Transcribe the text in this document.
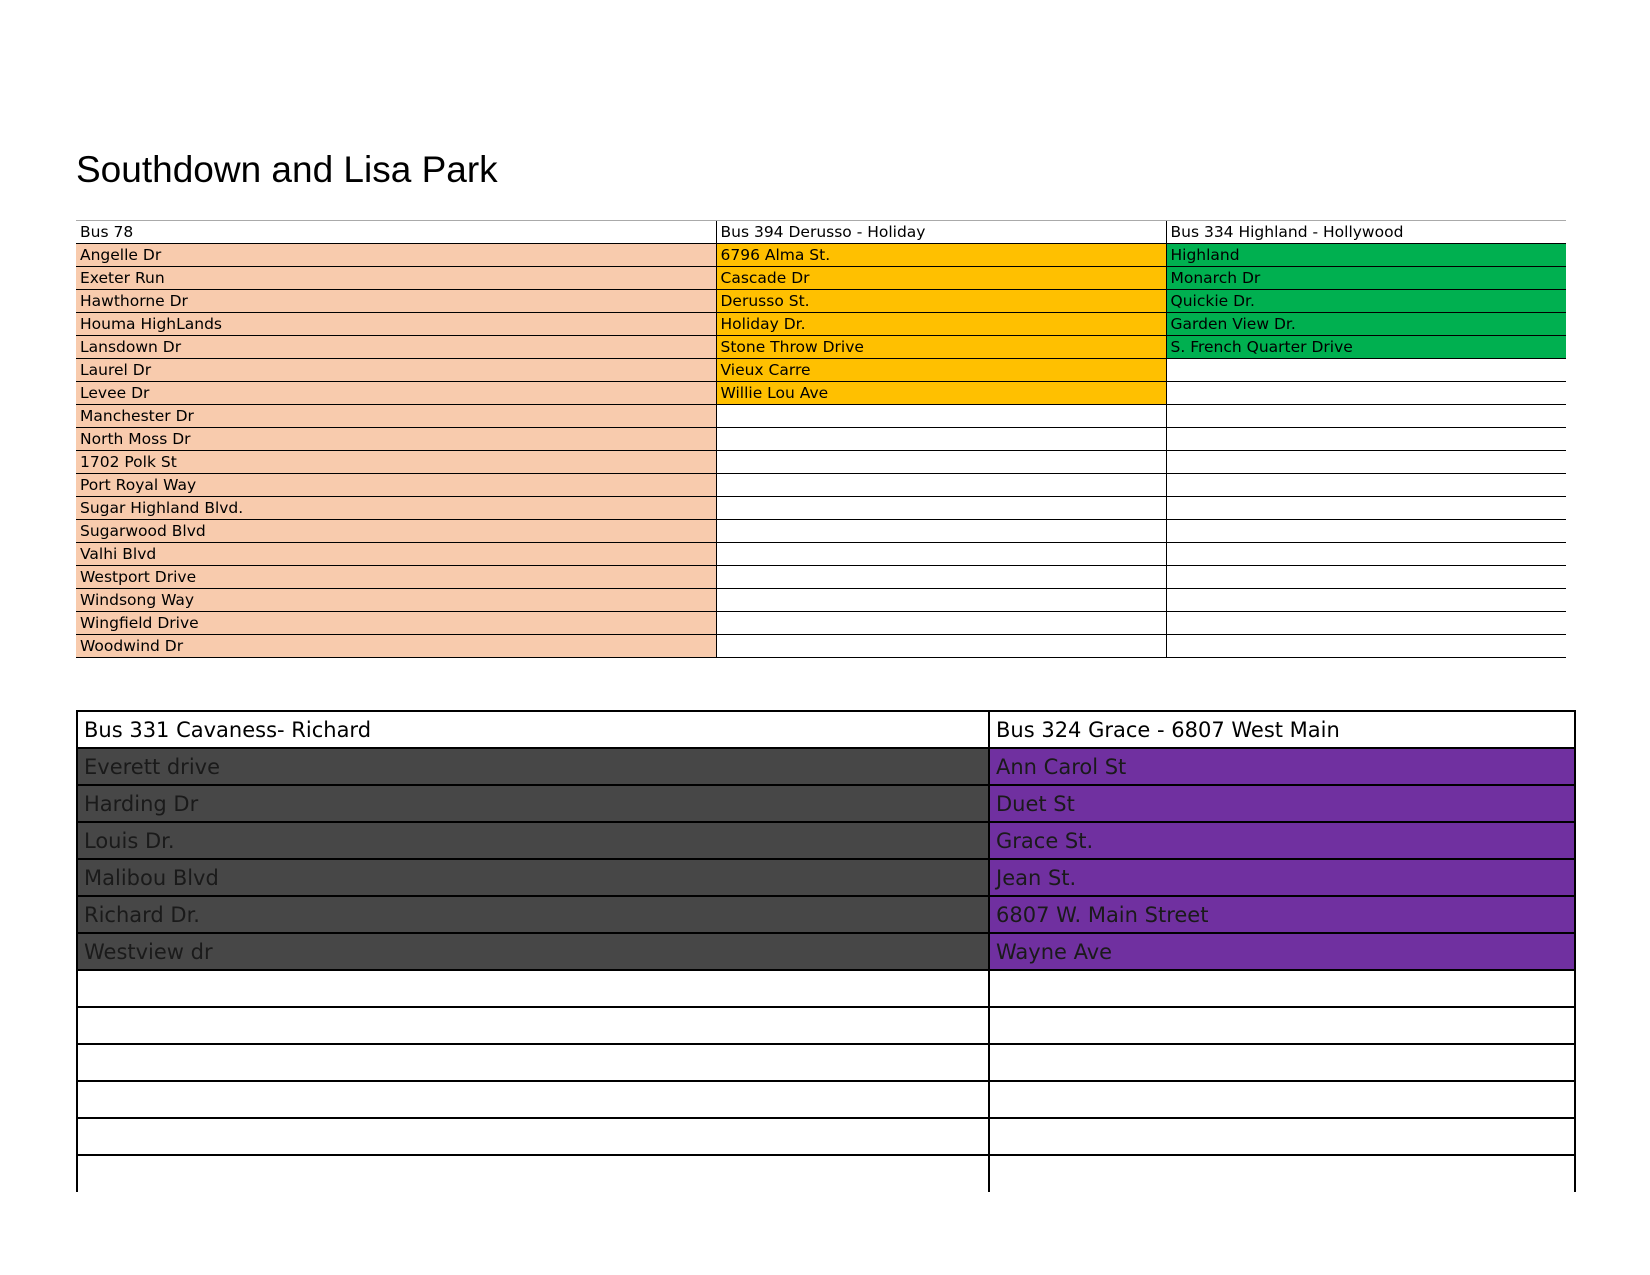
Southdown and Lisa Park
Bus 78	Bus 394 Derusso - Holiday	Bus 334 Highland - Hollywood
Angelle Dr	6796 Alma St.	Highland
Exeter Run	Cascade Dr	Monarch Dr
Hawthorne Dr	Derusso St.	Quickie Dr.
Houma HighLands	Holiday Dr.	Garden View Dr.
Lansdown Dr	Stone Throw Drive	S. French Quarter Drive
Laurel Dr	Vieux Carre	
Levee Dr	Willie Lou Ave	
Manchester Dr		
North Moss Dr		
1702 Polk St		
Port Royal Way		
Sugar Highland Blvd.		
Sugarwood Blvd		
Valhi Blvd		
Westport Drive		
Windsong Way		
Wingfield Drive		
Woodwind Dr		
Bus 331 Cavaness- Richard	Bus 324 Grace - 6807 West Main
Everett drive	Ann Carol St
Harding Dr	Duet St
Louis Dr.	Grace St.
Malibou Blvd	Jean St.
Richard Dr.	6807 W. Main Street
Westview dr	Wayne Ave
